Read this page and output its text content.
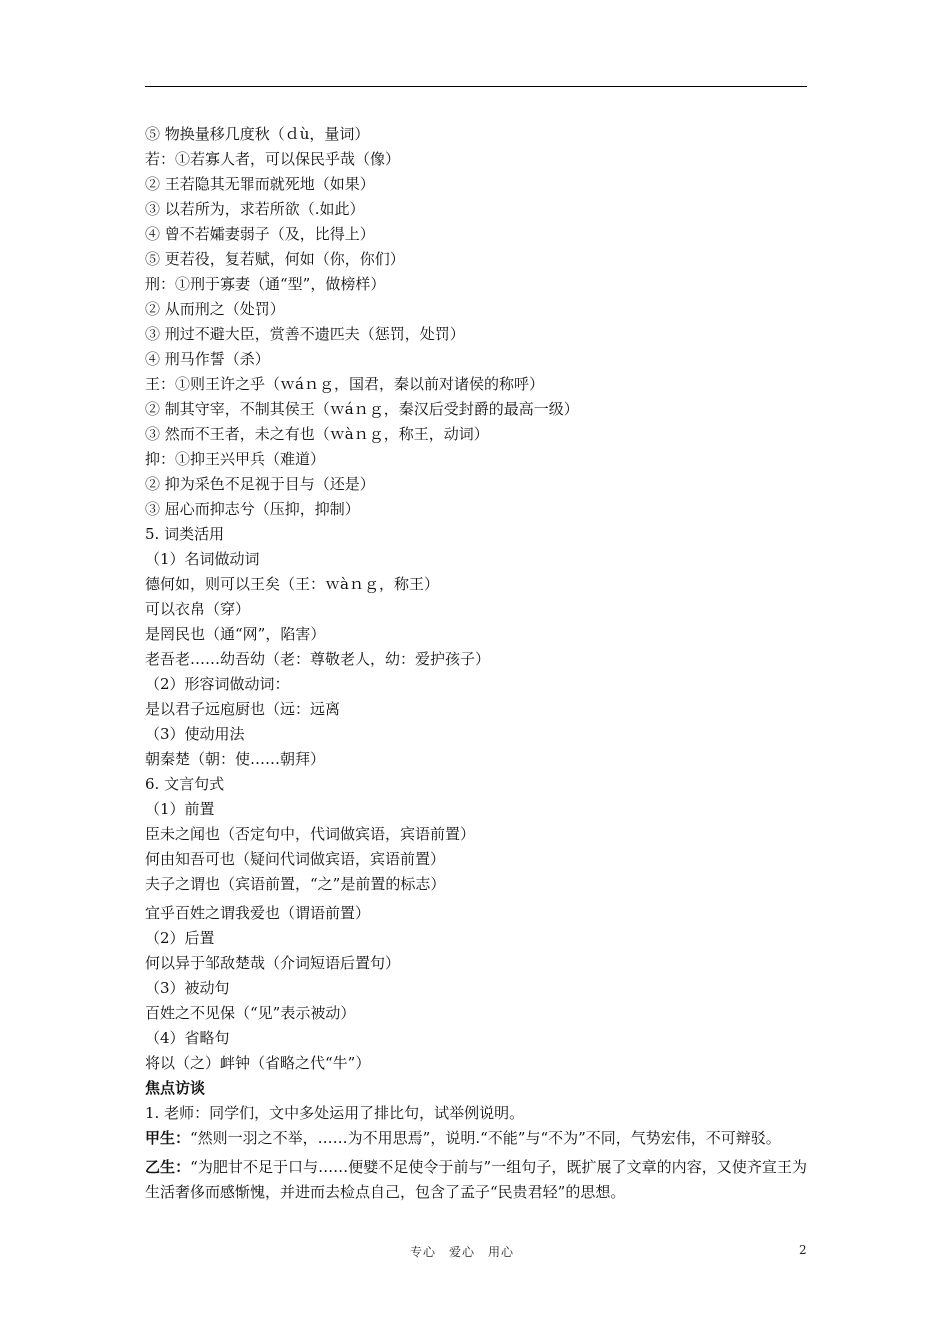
⑤ 物换量移几度秋（ｄù，量词）
若：①若寡人者，可以保民乎哉（像）
② 王若隐其无罪而就死地（如果）
③ 以若所为，求若所欲（.如此）
④ 曾不若孀妻弱子（及，比得上）
⑤ 更若役，复若赋，何如（你，你们）
刑：①刑于寡妻（通“型”，做榜样）
② 从而刑之（处罚）
③ 刑过不避大臣，赏善不遗匹夫（惩罚，处罚）
④ 刑马作誓（杀）
王：①则王许之乎（ｗáｎｇ，国君，秦以前对诸侯的称呼）
② 制其守宰，不制其侯王（ｗáｎｇ，秦汉后受封爵的最高一级）
③ 然而不王者，未之有也（ｗàｎｇ，称王，动词）
抑：①抑王兴甲兵（难道）
② 抑为采色不足视于目与（还是）
③ 屈心而抑志兮（压抑，抑制）
5. 词类活用
（1）名词做动词
德何如，则可以王矣（王：ｗàｎｇ，称王）
可以衣帛（穿）
是罔民也（通“网”，陷害）
老吾老……幼吾幼（老：尊敬老人，幼：爱护孩子）
（2）形容词做动词：
是以君子远庖厨也（远：远离
（3）使动用法
朝秦楚（朝：使……朝拜）
6. 文言句式
（1）前置
臣未之闻也（否定句中，代词做宾语，宾语前置）
何由知吾可也（疑问代词做宾语，宾语前置）
夫子之谓也（宾语前置，“之”是前置的标志）
宜乎百姓之谓我爱也（谓语前置）
（2）后置
何以异于邹敌楚哉（介词短语后置句）
（3）被动句
百姓之不见保（“见”表示被动）
（4）省略句
将以（之）衅钟（省略之代“牛”）
焦点访谈
1. 老师：同学们，文中多处运用了排比句，试举例说明。
甲生：“然则一羽之不举，……为不用思焉”，说明.“不能”与“不为”不同，气势宏伟，不可辩驳。
乙生：“为肥甘不足于口与……便嬖不足使令于前与”一组句子，既扩展了文章的内容，又使齐宣王为生活奢侈而感惭愧，并进而去检点自己，包含了孟子“民贵君轻”的思想。
专心　爱心　用心	2
